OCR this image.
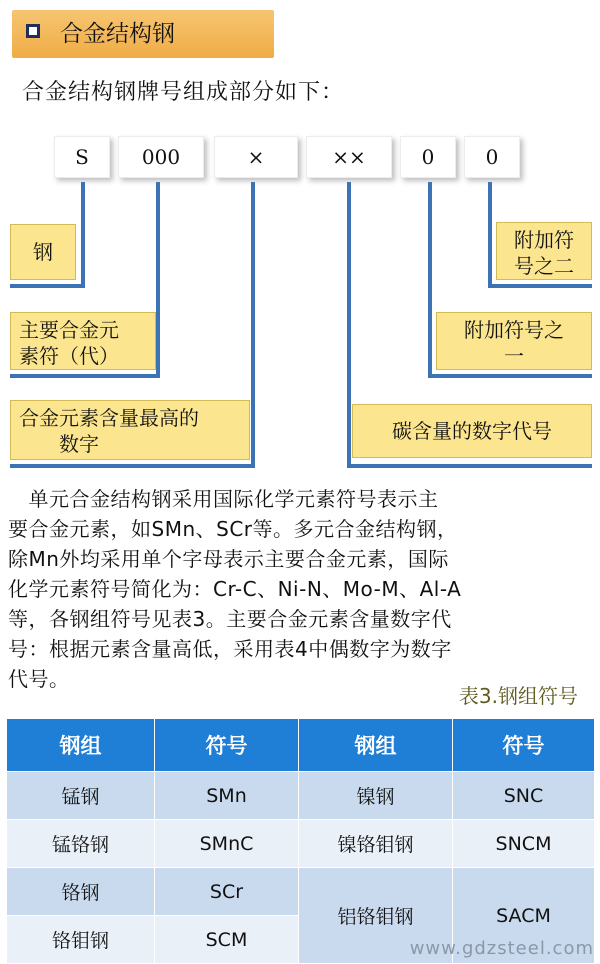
合金结构钢
合金结构钢牌号组成部分如下：
S	000	×	××	0	0
钢
主要合金元
素符（代）
合金元素含量最高的
数字
附加符
号之二
附加符号之
一
碳含量的数字代号

　单元合金结构钢采用国际化学元素符号表示主

要合金元素，如SMn、SCr等。多元合金结构钢，

除Mn外均采用单个字母表示主要合金元素，国际

化学元素符号简化为：Cr-C、Ni-N、Mo-M、Al-A

等，各钢组符号见表3。主要合金元素含量数字代

号：根据元素含量高低，采用表4中偶数字为数字

代号。

表3.钢组符号
钢组	符号	钢组	符号
锰钢	SMn	镍钢	SNC
锰铬钢	SMnC	镍铬钼钢	SNCM
铬钢	SCr	铝铬钼钢	SACM
铬钼钢	SCM			www.gdzsteel.com
